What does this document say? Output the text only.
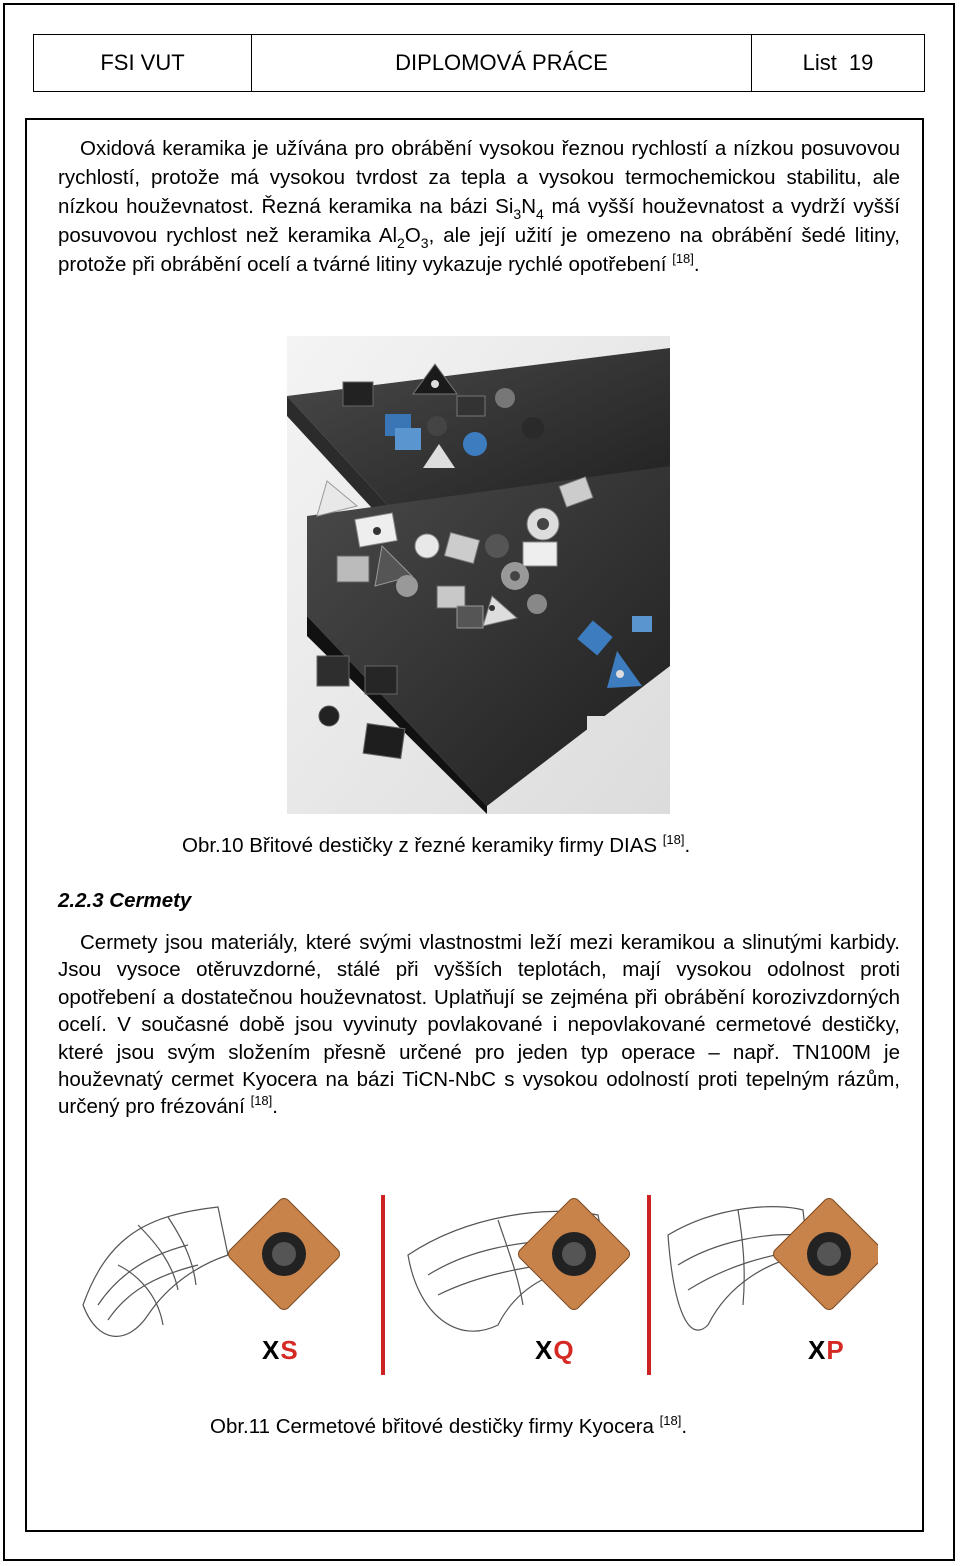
FSI VUT	DIPLOMOVÁ PRÁCE	List 19

Oxidová keramika je užívána pro obrábění vysokou řeznou rychlostí a nízkou posuvovou rychlostí, protože má vysokou tvrdost za tepla a vysokou termochemickou stabilitu, ale nízkou houževnatost. Řezná keramika na bázi $Si_3N_4$ má vyšší houževnatost a vydrží vyšší posuvovou rychlost než keramika $Al_2O_3$, ale její užití je omezeno na obrábění šedé litiny, protože při obrábění ocelí a tvárné litiny vykazuje rychlé opotřebení [18].

Obr.10 Břitové destičky z řezné keramiky firmy DIAS [18].
2.2.3 Cermety

Cermety jsou materiály, které svými vlastnostmi leží mezi keramikou a slinutými karbidy. Jsou vysoce otěruvzdorné, stálé při vyšších teplotách, mají vysokou odolnost proti opotřebení a dostatečnou houževnatost. Uplatňují se zejména při obrábění korozivzdorných ocelí. V současné době jsou vyvinuty povlakované i nepovlakované cermetové destičky, které jsou svým složením přesně určené pro jeden typ operace – např. TN100M je houževnatý cermet Kyocera na bázi TiCN-NbC s vysokou odolností proti tepelným rázům, určený pro frézování [18].

XS	XQ	XP
Obr.11 Cermetové břitové destičky firmy Kyocera [18].
